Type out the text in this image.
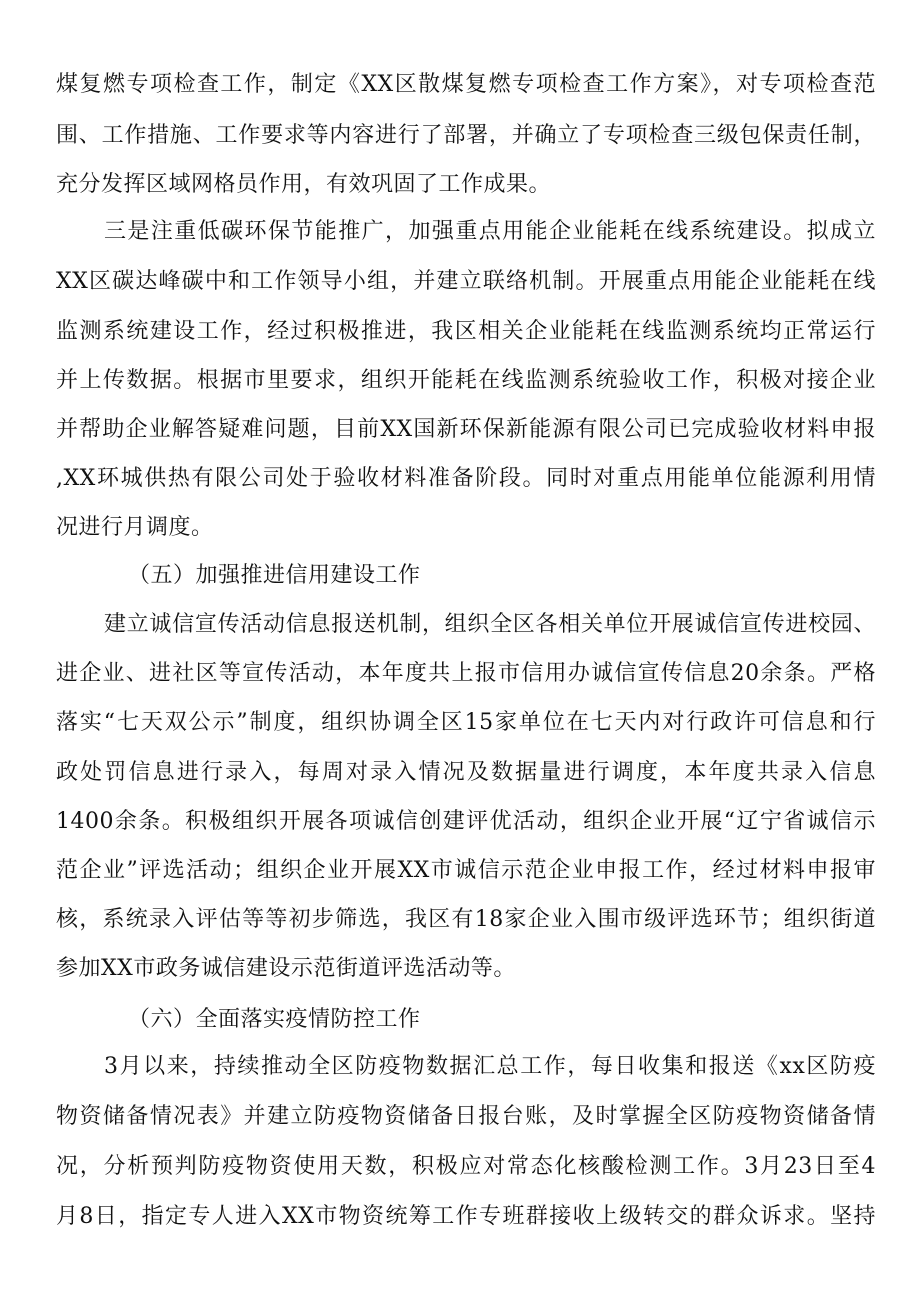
煤复燃专项检查工作，制定《XX区散煤复燃专项检查工作方案》，对专项检查范
围、工作措施、工作要求等内容进行了部署，并确立了专项检查三级包保责任制，
充分发挥区域网格员作用，有效巩固了工作成果。
三是注重低碳环保节能推广，加强重点用能企业能耗在线系统建设。拟成立
XX区碳达峰碳中和工作领导小组，并建立联络机制。开展重点用能企业能耗在线
监测系统建设工作，经过积极推进，我区相关企业能耗在线监测系统均正常运行
并上传数据。根据市里要求，组织开能耗在线监测系统验收工作，积极对接企业
并帮助企业解答疑难问题，目前XX国新环保新能源有限公司已完成验收材料申报
,XX环城供热有限公司处于验收材料准备阶段。同时对重点用能单位能源利用情
况进行月调度。
（五）加强推进信用建设工作
建立诚信宣传活动信息报送机制，组织全区各相关单位开展诚信宣传进校园、
进企业、进社区等宣传活动，本年度共上报市信用办诚信宣传信息20余条。严格
落实“七天双公示”制度，组织协调全区15家单位在七天内对行政许可信息和行
政处罚信息进行录入，每周对录入情况及数据量进行调度，本年度共录入信息
1400余条。积极组织开展各项诚信创建评优活动，组织企业开展“辽宁省诚信示
范企业”评选活动；组织企业开展XX市诚信示范企业申报工作，经过材料申报审
核，系统录入评估等等初步筛选，我区有18家企业入围市级评选环节；组织街道
参加XX市政务诚信建设示范街道评选活动等。
（六）全面落实疫情防控工作
3月以来，持续推动全区防疫物数据汇总工作，每日收集和报送《xx区防疫
物资储备情况表》并建立防疫物资储备日报台账，及时掌握全区防疫物资储备情
况，分析预判防疫物资使用天数，积极应对常态化核酸检测工作。3月23日至4
月8日，指定专人进入XX市物资统筹工作专班群接收上级转交的群众诉求。坚持
